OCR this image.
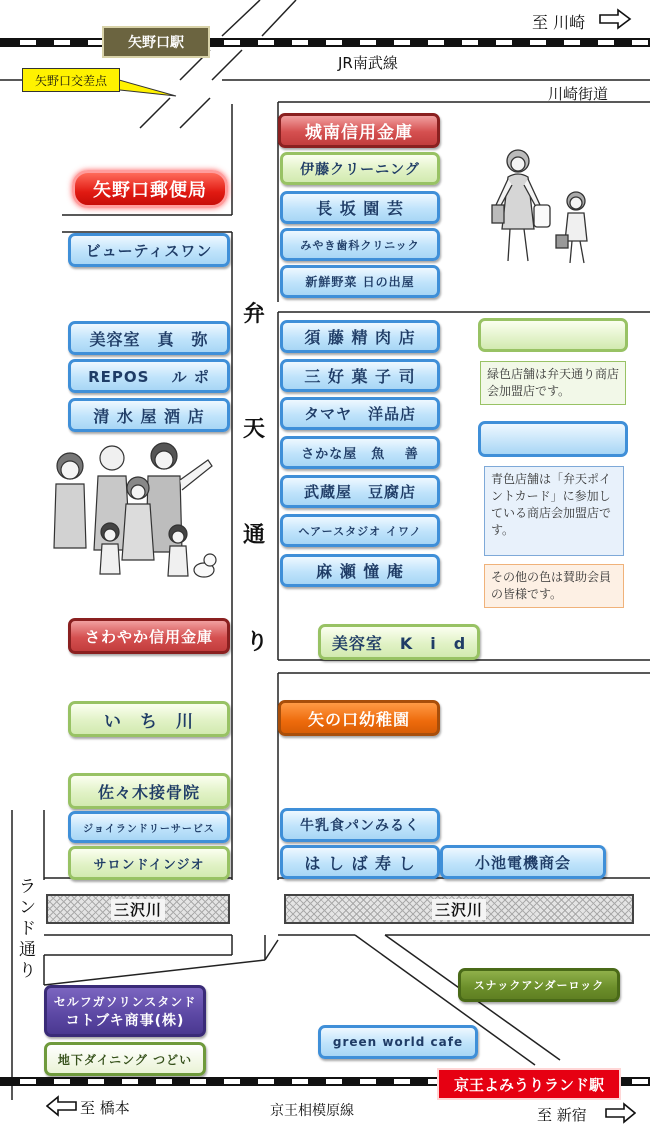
至 川崎
至 橋本	至 新宿
JR南武線
京王相模原線
川崎街道
矢野口駅
京王よみうりランド駅
矢野口交差点
弁
天
通
り
ラ
ン
ド
通
り
三沢川	三沢川
城南信用金庫
伊藤クリーニング
長 坂 園 芸
みやき歯科クリニック
新鮮野菜 日の出屋
矢野口郵便局
ビューティスワン
美容室　真　弥
REPOS　 ル ポ
清 水 屋 酒 店
須 藤 精 肉 店
三 好 菓 子 司
タマヤ　洋品店
さかな屋　魚　 善
武蔵屋　豆腐店
ヘアースタジオ イワノ
麻 瀬 憧 庵
緑色店舗は弁天通り商店会加盟店です。
青色店舗は「弁天ポイントカード」に参加している商店会加盟店です。
その他の色は賛助会員の皆様です。
さわやか信用金庫	美容室　K　i　d
い　ち　川	矢の口幼稚園
佐々木接骨院
ジョイランドリーサービス	牛乳食パンみるく
サロンドインジオ	は し ば 寿 し	小池電機商会
スナックアンダーロック
セルフガソリンスタンド
コトブキ商事(株)
green world cafe
地下ダイニング つどい
